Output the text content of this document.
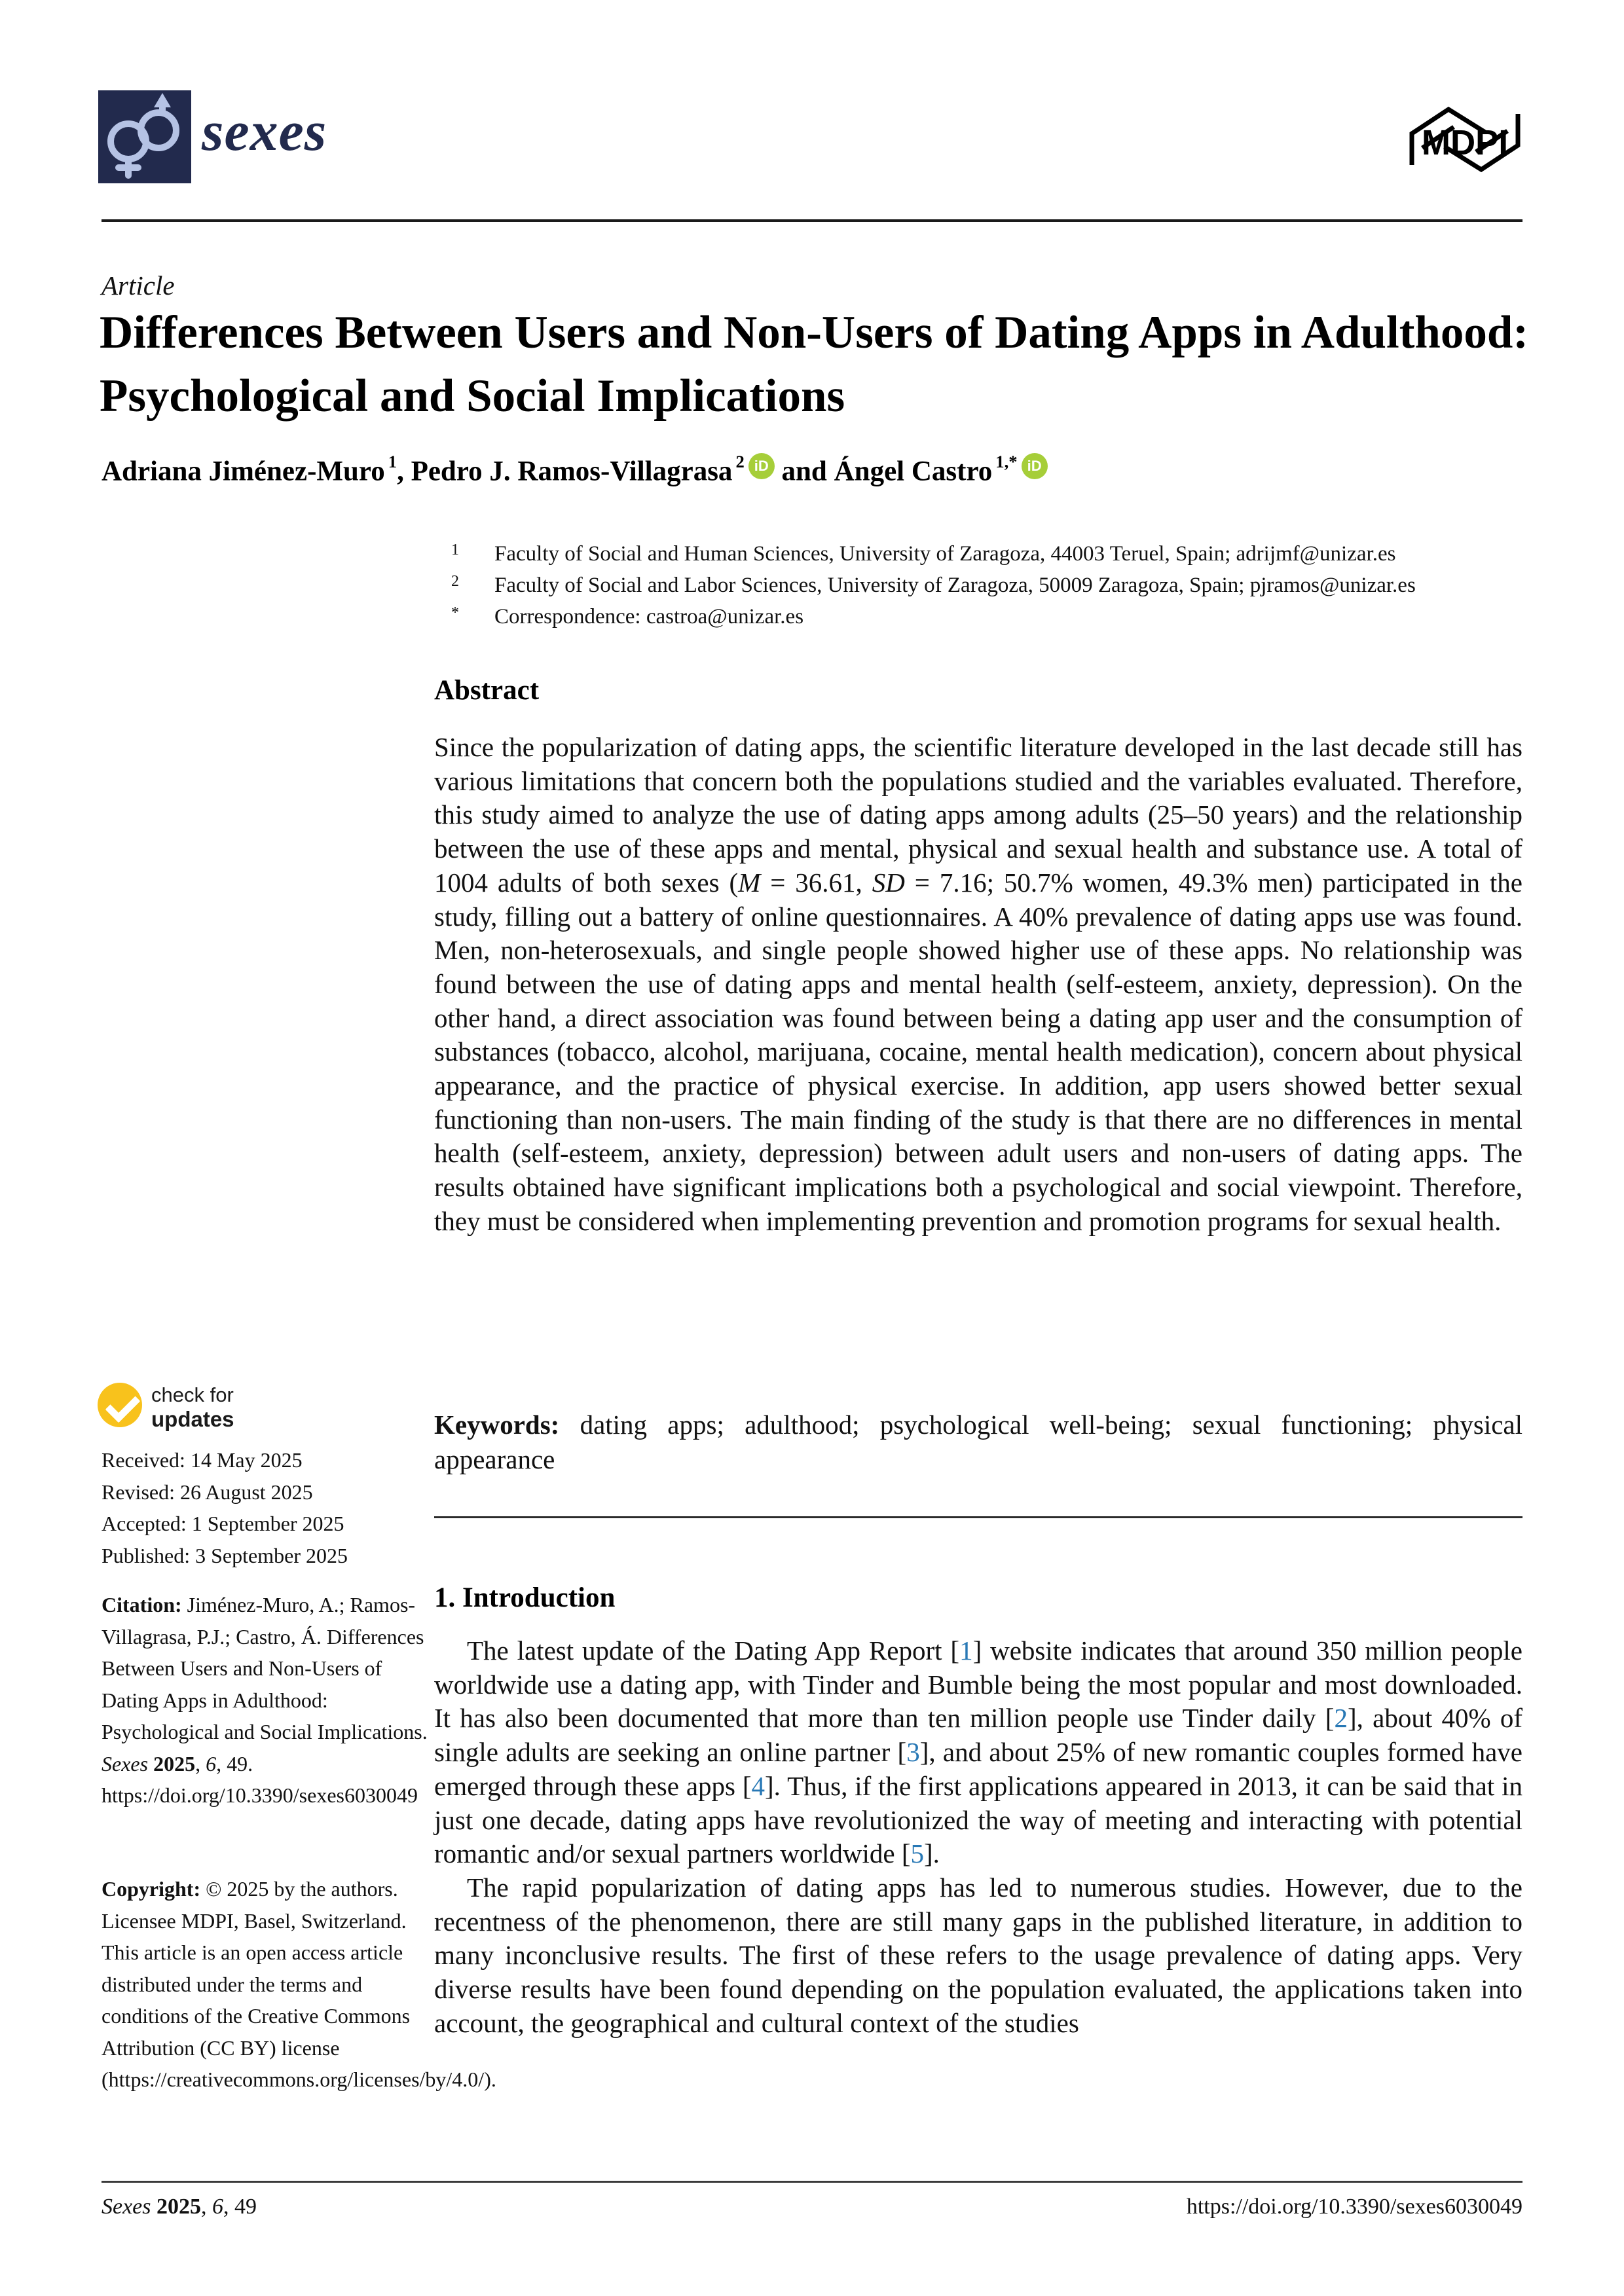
sexes	MDPI
Article
Differences Between Users and Non-Users of Dating Apps in Adulthood: Psychological and Social Implications
Adriana Jiménez-Muro $^1$, Pedro J. Ramos-Villagrasa $^2$ iD and Ángel Castro $^{1,*}$ iD
1 Faculty of Social and Human Sciences, University of Zaragoza, 44003 Teruel, Spain; adrijmf@unizar.es
2 Faculty of Social and Labor Sciences, University of Zaragoza, 50009 Zaragoza, Spain; pjramos@unizar.es
* Correspondence: castroa@unizar.es
Abstract
Since the popularization of dating apps, the scientific literature developed in the last decade still has various limitations that concern both the populations studied and the variables evaluated. Therefore, this study aimed to analyze the use of dating apps among adults (25–50 years) and the relationship between the use of these apps and mental, physical and sexual health and substance use. A total of 1004 adults of both sexes (M = 36.61, SD = 7.16; 50.7% women, 49.3% men) participated in the study, filling out a battery of online questionnaires. A 40% prevalence of dating apps use was found. Men, non-heterosexuals, and single people showed higher use of these apps. No relationship was found between the use of dating apps and mental health (self-esteem, anxiety, depression). On the other hand, a direct association was found between being a dating app user and the consumption of substances (tobacco, alcohol, marijuana, cocaine, mental health medication), concern about physical appearance, and the practice of physical exercise. In addition, app users showed better sexual functioning than non-users. The main finding of the study is that there are no differences in mental health (self-esteem, anxiety, depression) between adult users and non-users of dating apps. The results obtained have significant implications both a psychological and social viewpoint. Therefore, they must be considered when implementing prevention and promotion programs for sexual health.
Keywords: dating apps; adulthood; psychological well-being; sexual functioning; physical appearance
1. Introduction

The latest update of the Dating App Report [1] website indicates that around 350 million people worldwide use a dating app, with Tinder and Bumble being the most popular and most downloaded. It has also been documented that more than ten million people use Tinder daily [2], about 40% of single adults are seeking an online partner [3], and about 25% of new romantic couples formed have emerged through these apps [4]. Thus, if the first applications appeared in 2013, it can be said that in just one decade, dating apps have revolutionized the way of meeting and interacting with potential romantic and/or sexual partners worldwide [5].

The rapid popularization of dating apps has led to numerous studies. However, due to the recentness of the phenomenon, there are still many gaps in the published literature, in addition to many inconclusive results. The first of these refers to the usage prevalence of dating apps. Very diverse results have been found depending on the population evaluated, the applications taken into account, the geographical and cultural context of the studies

check for
updates
Received: 14 May 2025
Revised: 26 August 2025
Accepted: 1 September 2025
Published: 3 September 2025
Citation: Jiménez-Muro, A.; Ramos-Villagrasa, P.J.; Castro, Á. Differences Between Users and Non-Users of Dating Apps in Adulthood: Psychological and Social Implications. Sexes 2025, 6, 49. https://doi.org/10.3390/sexes6030049
Copyright: © 2025 by the authors. Licensee MDPI, Basel, Switzerland. This article is an open access article distributed under the terms and conditions of the Creative Commons Attribution (CC BY) license (https://creativecommons.org/licenses/by/4.0/).
Sexes 2025, 6, 49	https://doi.org/10.3390/sexes6030049
